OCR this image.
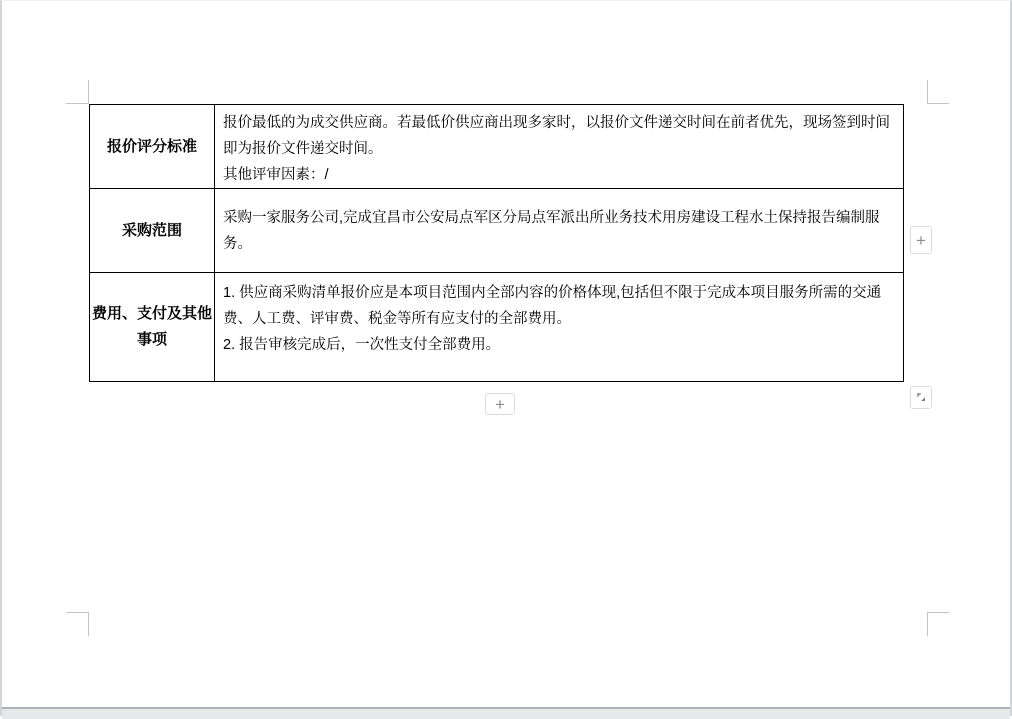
报价评分标准	报价最低的为成交供应商。若最低价供应商出现多家时，以报价文件递交时间在前者优先，现场签到时间即为报价文件递交时间。

其他评审因素：/

采购范围	采购一家服务公司,完成宜昌市公安局点军区分局点军派出所业务技术用房建设工程水土保持报告编制服务。

费用、支付及其他事项	1. 供应商采购清单报价应是本项目范围内全部内容的价格体现,包括但不限于完成本项目服务所需的交通费、人工费、评审费、税金等所有应支付的全部费用。

2. 报告审核完成后，一次性支付全部费用。

+
+
